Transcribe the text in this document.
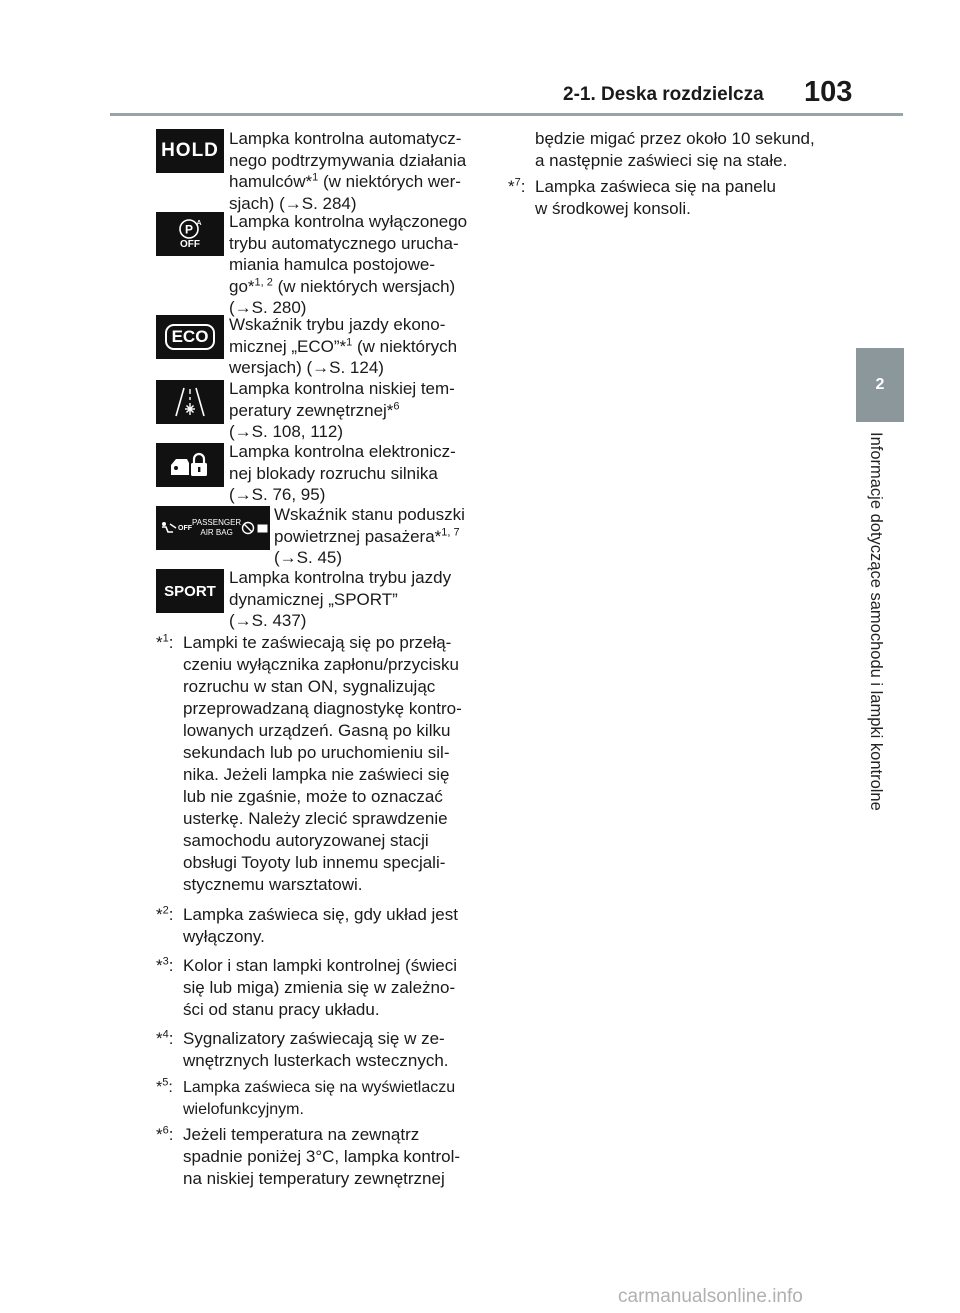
2-1. Deska rozdzielcza 103
2
Informacje dotyczące samochodu i lampki kontrolne
HOLD
P A
OFF
ECO
OFF
PASSENGER
AIR BAG
SPORT

Lampka kontrolna automatycz-

nego podtrzymywania działania

hamulców*$^1$ (w niektórych wer-

sjach) (→S. 284)

Lampka kontrolna wyłączonego

trybu automatycznego urucha-

miania hamulca postojowe-

go*$^{1, 2}$ (w niektórych wersjach)

(→S. 280)

Wskaźnik trybu jazdy ekono-

micznej „ECO”*$^1$ (w niektórych

wersjach) (→S. 124)

Lampka kontrolna niskiej tem-

peratury zewnętrznej*$^6$

(→S. 108, 112)

Lampka kontrolna elektronicz-

nej blokady rozruchu silnika

(→S. 76, 95)

Wskaźnik stanu poduszki

powietrznej pasażera*$^{1, 7}$

(→S. 45)

Lampka kontrolna trybu jazdy

dynamicznej „SPORT”

(→S. 437)

*$^1$: Lampki te zaświecają się po przełą-
czeniu wyłącznika zapłonu/przycisku
rozruchu w stan ON, sygnalizując
przeprowadzaną diagnostykę kontro-
lowanych urządzeń. Gasną po kilku
sekundach lub po uruchomieniu sil-
nika. Jeżeli lampka nie zaświeci się
lub nie zgaśnie, może to oznaczać
usterkę. Należy zlecić sprawdzenie
samochodu autoryzowanej stacji
obsługi Toyoty lub innemu specjali-
stycznemu warsztatowi.
*$^2$: Lampka zaświeca się, gdy układ jest
wyłączony.
*$^3$: Kolor i stan lampki kontrolnej (świeci
się lub miga) zmienia się w zależno-
ści od stanu pracy układu.
*$^4$: Sygnalizatory zaświecają się w ze-
wnętrznych lusterkach wstecznych.
*$^5$: Lampka zaświeca się na wyświetlaczu
wielofunkcyjnym.
*$^6$: Jeżeli temperatura na zewnątrz
spadnie poniżej 3°C, lampka kontrol-
na niskiej temperatury zewnętrznej
*$^7$: Lampka zaświeca się na panelu
w środkowej konsoli.
będzie migać przez około 10 sekund,
a następnie zaświeci się na stałe.
carmanualsonline.info
